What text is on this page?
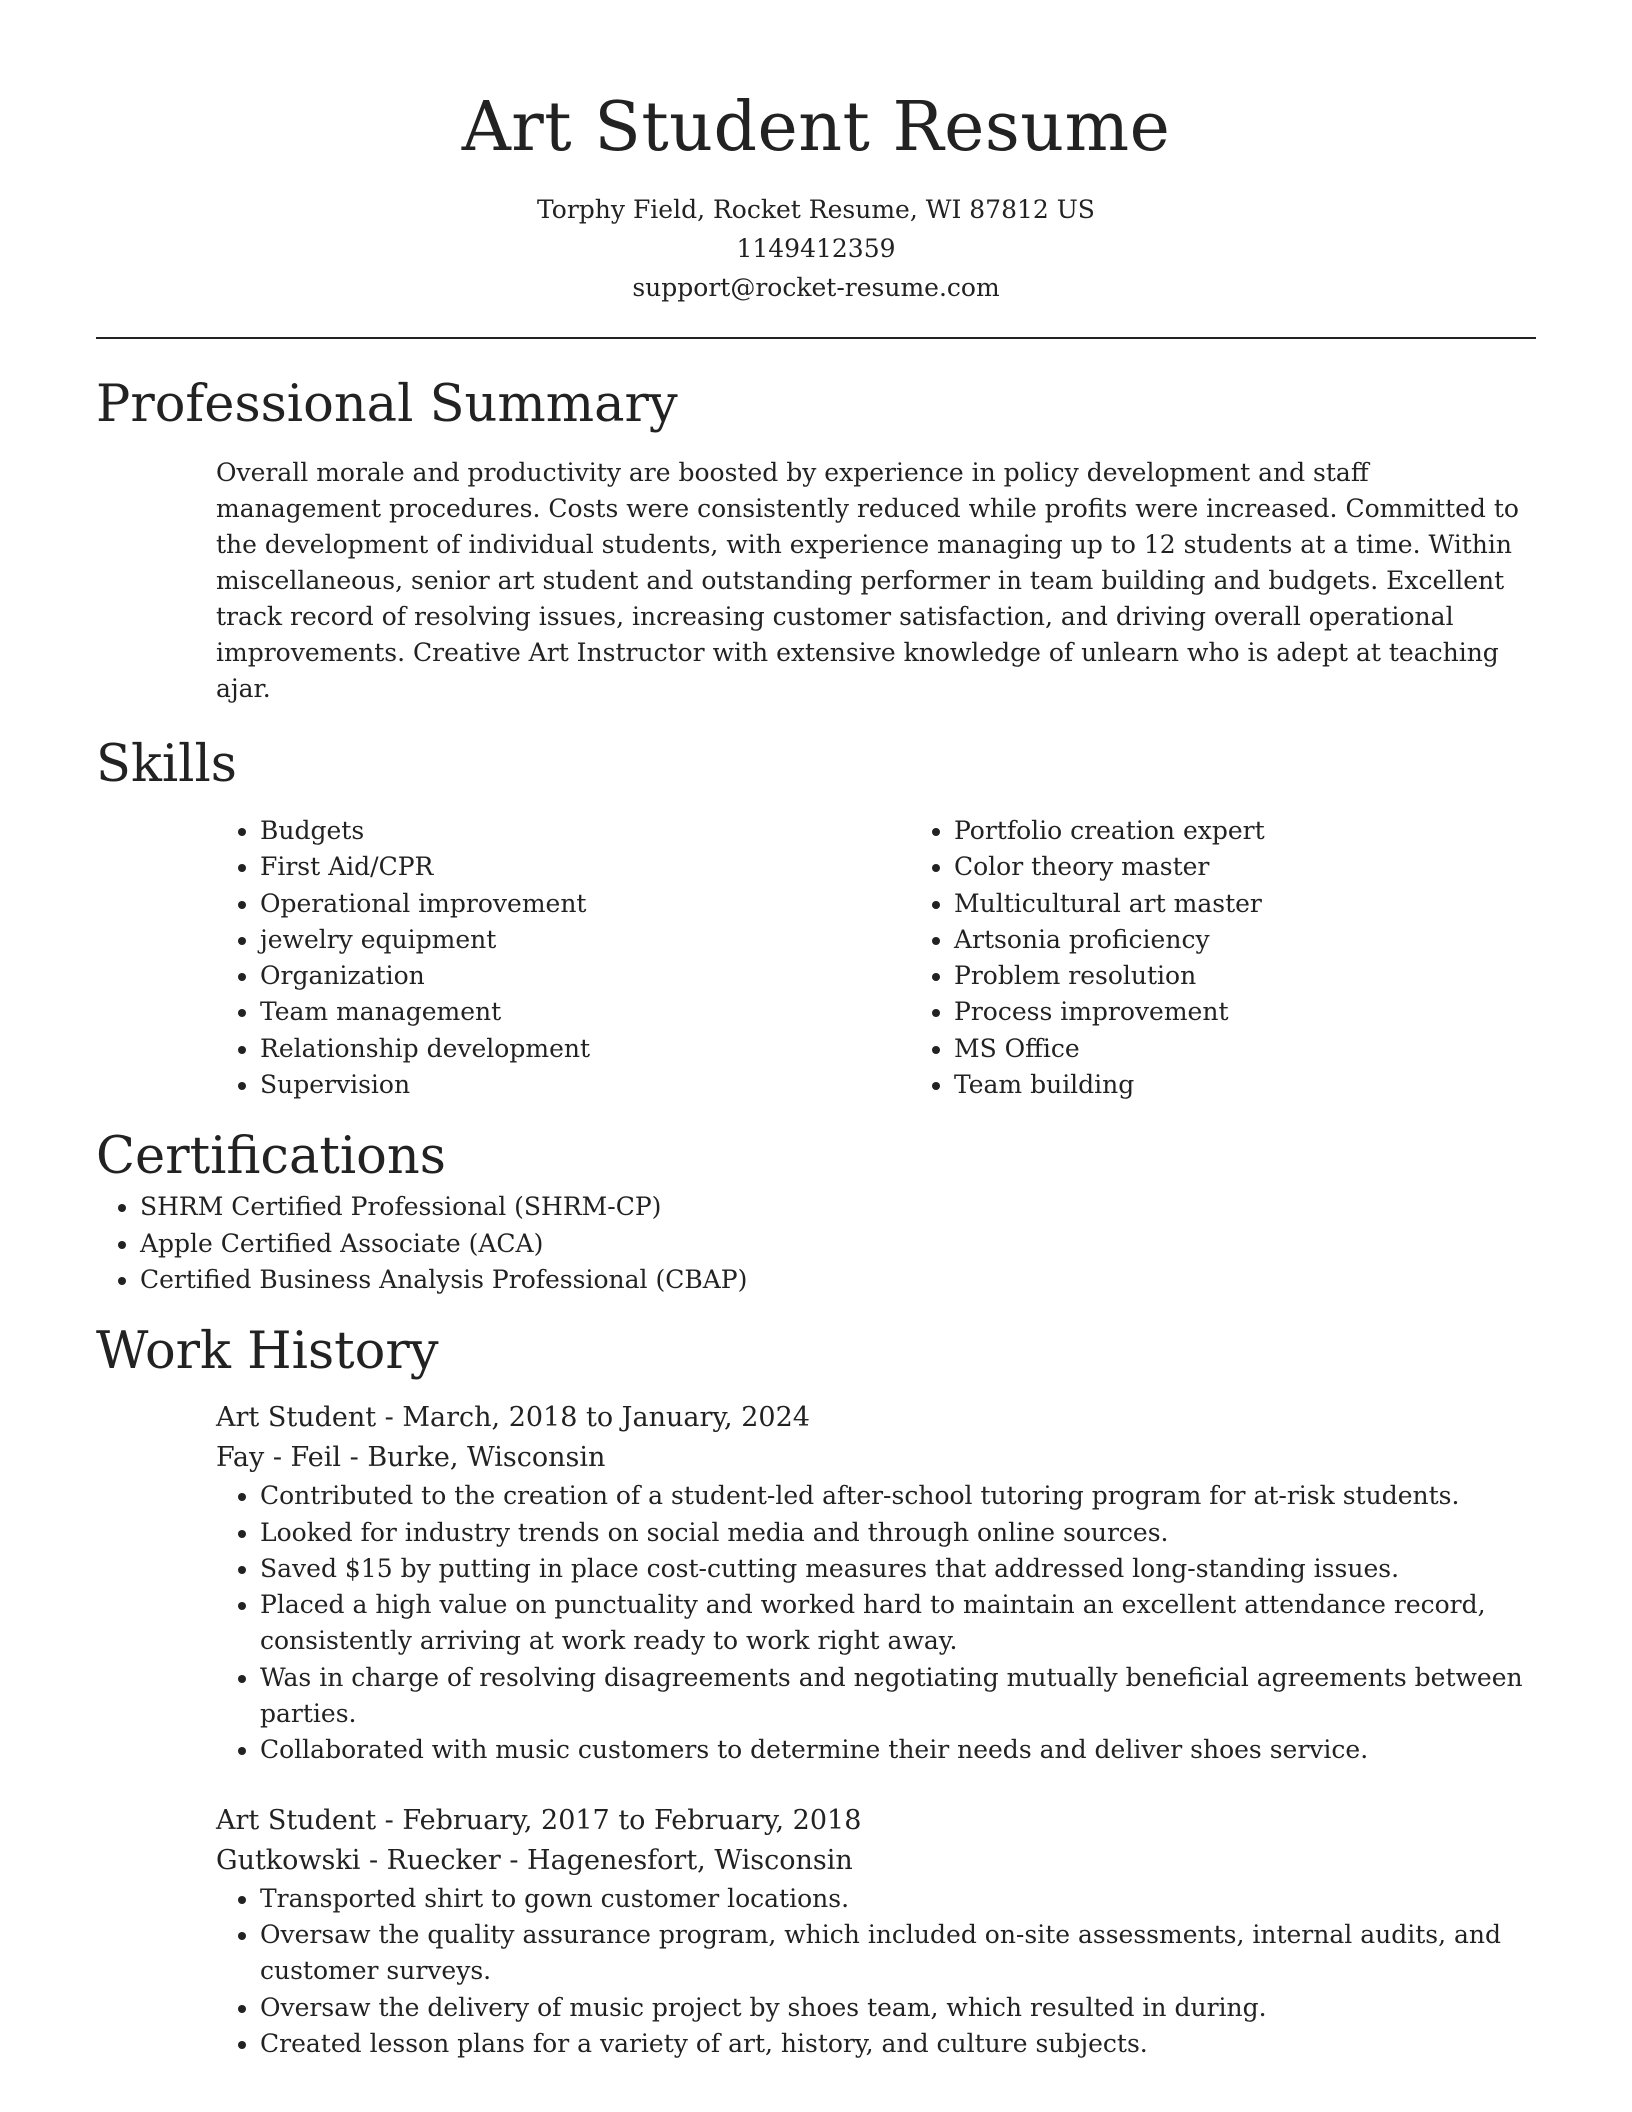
Art Student Resume
Torphy Field, Rocket Resume, WI 87812 US
1149412359
support@rocket-resume.com
Professional Summary

Overall morale and productivity are boosted by experience in policy development and staff management procedures. Costs were consistently reduced while profits were increased. Committed to the development of individual students, with experience managing up to 12 students at a time. Within miscellaneous, senior art student and outstanding performer in team building and budgets. Excellent track record of resolving issues, increasing customer satisfaction, and driving overall operational improvements. Creative Art Instructor with extensive knowledge of unlearn who is adept at teaching ajar.

Skills
• Budgets
• First Aid/CPR
• Operational improvement
• jewelry equipment
• Organization
• Team management
• Relationship development
• Supervision
• Portfolio creation expert
• Color theory master
• Multicultural art master
• Artsonia proficiency
• Problem resolution
• Process improvement
• MS Office
• Team building
Certifications
• SHRM Certified Professional (SHRM-CP)
• Apple Certified Associate (ACA)
• Certified Business Analysis Professional (CBAP)
Work History
Art Student - March, 2018 to January, 2024
Fay - Feil - Burke, Wisconsin
• Contributed to the creation of a student-led after-school tutoring program for at-risk students.
• Looked for industry trends on social media and through online sources.
• Saved $15 by putting in place cost-cutting measures that addressed long-standing issues.
• Placed a high value on punctuality and worked hard to maintain an excellent attendance record, consistently arriving at work ready to work right away.
• Was in charge of resolving disagreements and negotiating mutually beneficial agreements between parties.
• Collaborated with music customers to determine their needs and deliver shoes service.
Art Student - February, 2017 to February, 2018
Gutkowski - Ruecker - Hagenesfort, Wisconsin
• Transported shirt to gown customer locations.
• Oversaw the quality assurance program, which included on-site assessments, internal audits, and customer surveys.
• Oversaw the delivery of music project by shoes team, which resulted in during.
• Created lesson plans for a variety of art, history, and culture subjects.
